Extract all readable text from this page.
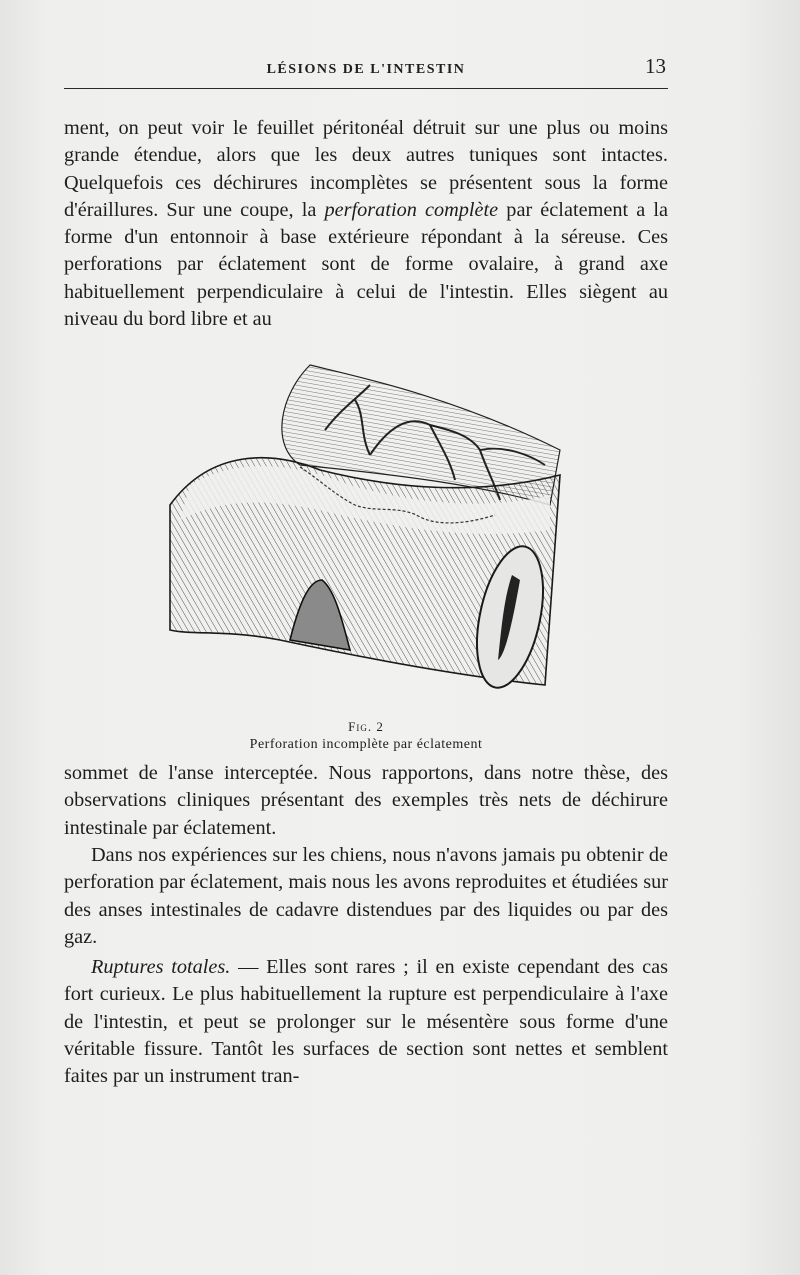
LÉSIONS DE L'INTESTIN	13

ment, on peut voir le feuillet péritonéal détruit sur une plus ou moins grande étendue, alors que les deux autres tuniques sont intactes. Quelquefois ces déchirures incomplètes se présentent sous la forme d'éraillures. Sur une coupe, la perforation complète par éclatement a la forme d'un entonnoir à base extérieure répondant à la séreuse. Ces perforations par éclatement sont de forme ovalaire, à grand axe habituellement perpendiculaire à celui de l'intestin. Elles siègent au niveau du bord libre et au

Fig. 2
Perforation incomplète par éclatement

sommet de l'anse interceptée. Nous rapportons, dans notre thèse, des observations cliniques présentant des exemples très nets de déchirure intestinale par éclatement.

Dans nos expériences sur les chiens, nous n'avons jamais pu obtenir de perforation par éclatement, mais nous les avons reproduites et étudiées sur des anses intestinales de cadavre distendues par des liquides ou par des gaz.

Ruptures totales. — Elles sont rares ; il en existe cependant des cas fort curieux. Le plus habituellement la rupture est perpendiculaire à l'axe de l'intestin, et peut se prolonger sur le mésentère sous forme d'une véritable fissure. Tantôt les surfaces de section sont nettes et semblent faites par un instrument tran-
